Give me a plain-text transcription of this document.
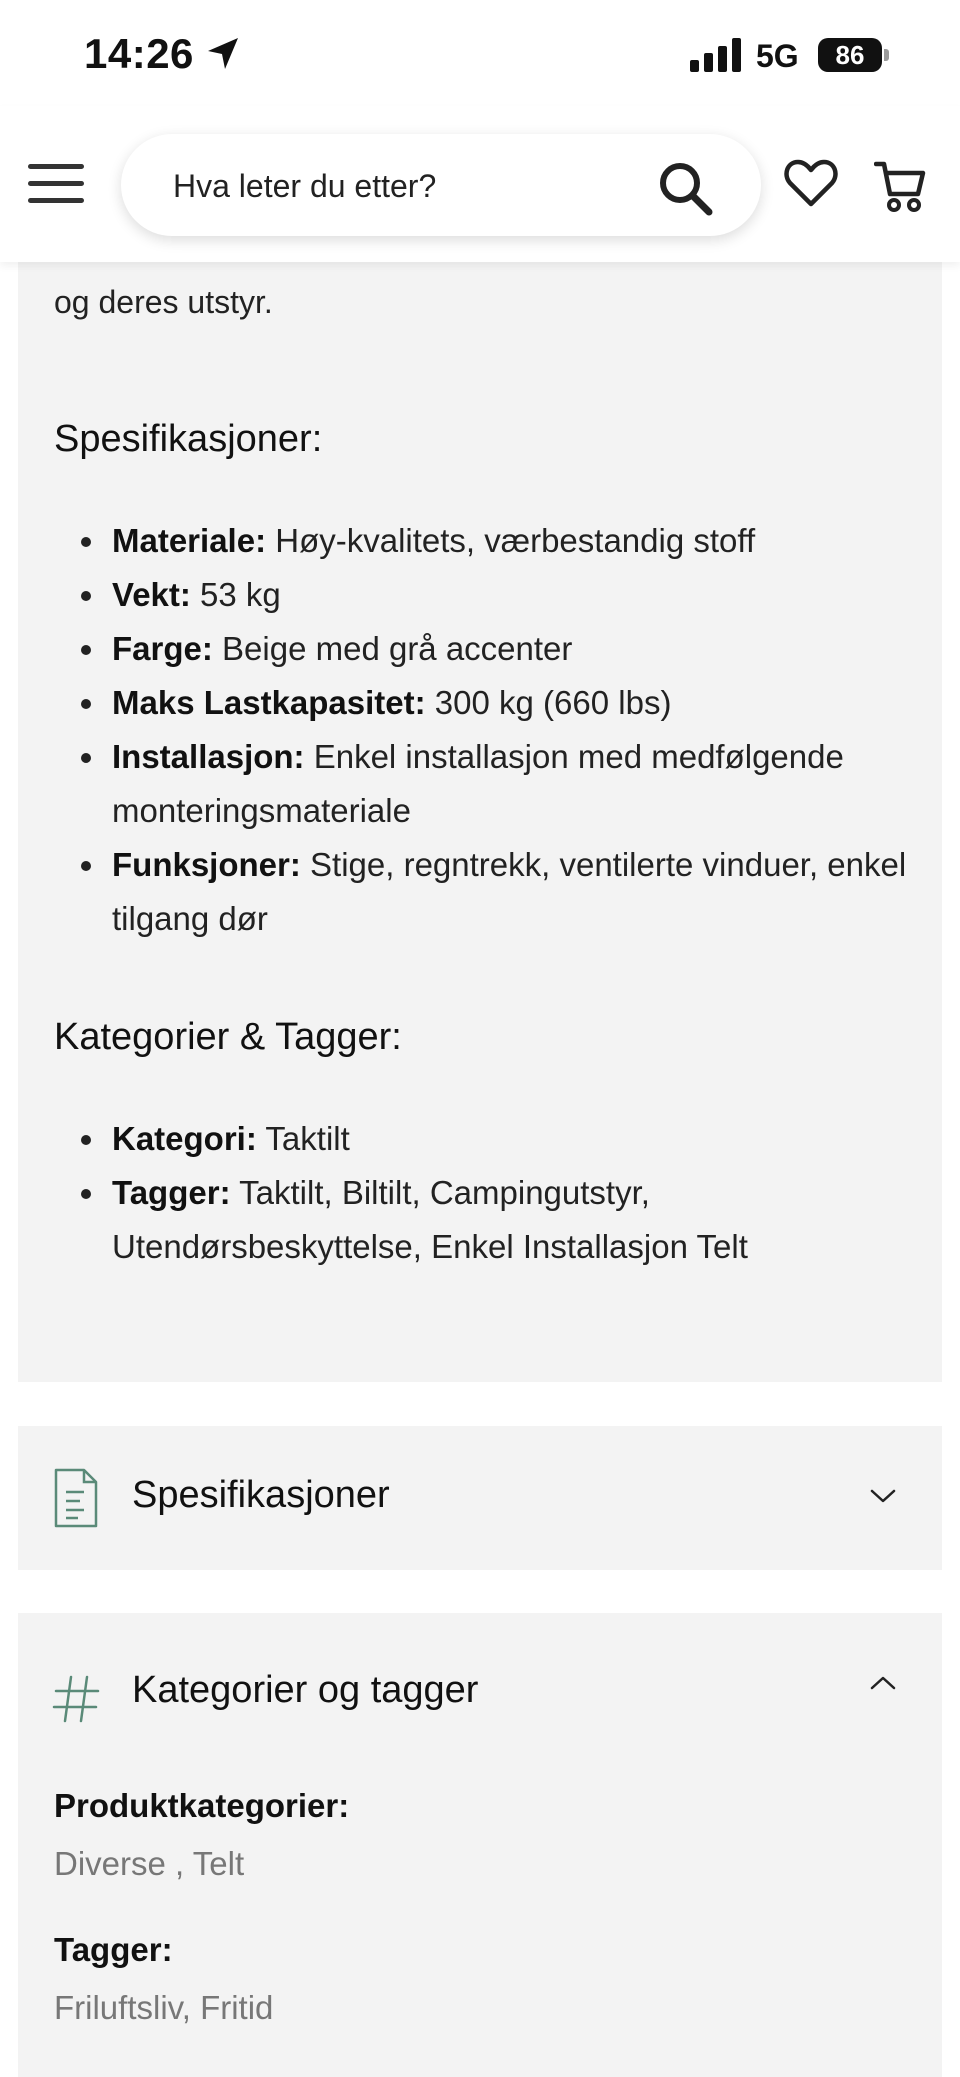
14:26	5G	86
Hva leter du etter?
og deres utstyr.
Spesifikasjoner:
• Materiale: Høy-kvalitets, værbestandig stoff
• Vekt: 53 kg
• Farge: Beige med grå accenter
• Maks Lastkapasitet: 300 kg (660 lbs)
• Installasjon: Enkel installasjon med medfølgende monteringsmateriale
• Funksjoner: Stige, regntrekk, ventilerte vinduer, enkel tilgang dør
Kategorier & Tagger:
• Kategori: Taktilt
• Tagger: Taktilt, Biltilt, Campingutstyr, Utendørsbeskyttelse, Enkel Installasjon Telt
Spesifikasjoner
Kategorier og tagger
Produktkategorier:
Diverse , Telt
Tagger:
Friluftsliv, Fritid
